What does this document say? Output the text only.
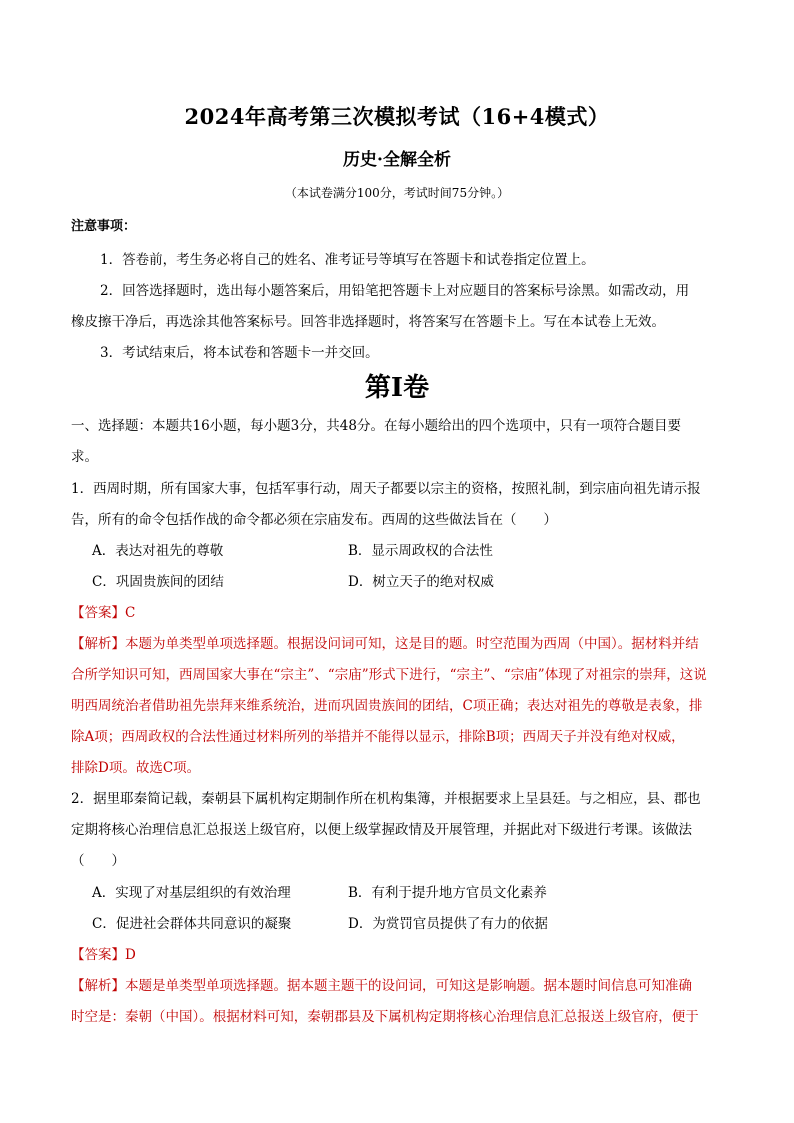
2024年高考第三次模拟考试（16+4模式）
历史·全解全析
（本试卷满分100分，考试时间75分钟。）
注意事项：
1．答卷前，考生务必将自己的姓名、准考证号等填写在答题卡和试卷指定位置上。
2．回答选择题时，选出每小题答案后，用铅笔把答题卡上对应题目的答案标号涂黑。如需改动，用
橡皮擦干净后，再选涂其他答案标号。回答非选择题时，将答案写在答题卡上。写在本试卷上无效。
3．考试结束后，将本试卷和答题卡一并交回。
第Ⅰ卷
一、选择题：本题共16小题，每小题3分，共48分。在每小题给出的四个选项中，只有一项符合题目要
求。
1．西周时期，所有国家大事，包括军事行动，周天子都要以宗主的资格，按照礼制，到宗庙向祖先请示报
告，所有的命令包括作战的命令都必须在宗庙发布。西周的这些做法旨在（　　）
A．表达对祖先的尊敬	B．显示周政权的合法性
C．巩固贵族间的团结	D．树立天子的绝对权威
【答案】C
【解析】本题为单类型单项选择题。根据设问词可知，这是目的题。时空范围为西周（中国）。据材料并结
合所学知识可知，西周国家大事在“宗主”、“宗庙”形式下进行，“宗主”、“宗庙”体现了对祖宗的崇拜，这说
明西周统治者借助祖先崇拜来维系统治，进而巩固贵族间的团结，C项正确；表达对祖先的尊敬是表象，排
除A项；西周政权的合法性通过材料所列的举措并不能得以显示，排除B项；西周天子并没有绝对权威，
排除D项。故选C项。
2．据里耶秦简记载，秦朝县下属机构定期制作所在机构集簿，并根据要求上呈县廷。与之相应，县、郡也
定期将核心治理信息汇总报送上级官府，以便上级掌握政情及开展管理，并据此对下级进行考课。该做法
（　　）
A．实现了对基层组织的有效治理	B．有利于提升地方官员文化素养
C．促进社会群体共同意识的凝聚	D．为赏罚官员提供了有力的依据
【答案】D
【解析】本题是单类型单项选择题。据本题主题干的设问词，可知这是影响题。据本题时间信息可知准确
时空是：秦朝（中国）。根据材料可知，秦朝郡县及下属机构定期将核心治理信息汇总报送上级官府，便于
